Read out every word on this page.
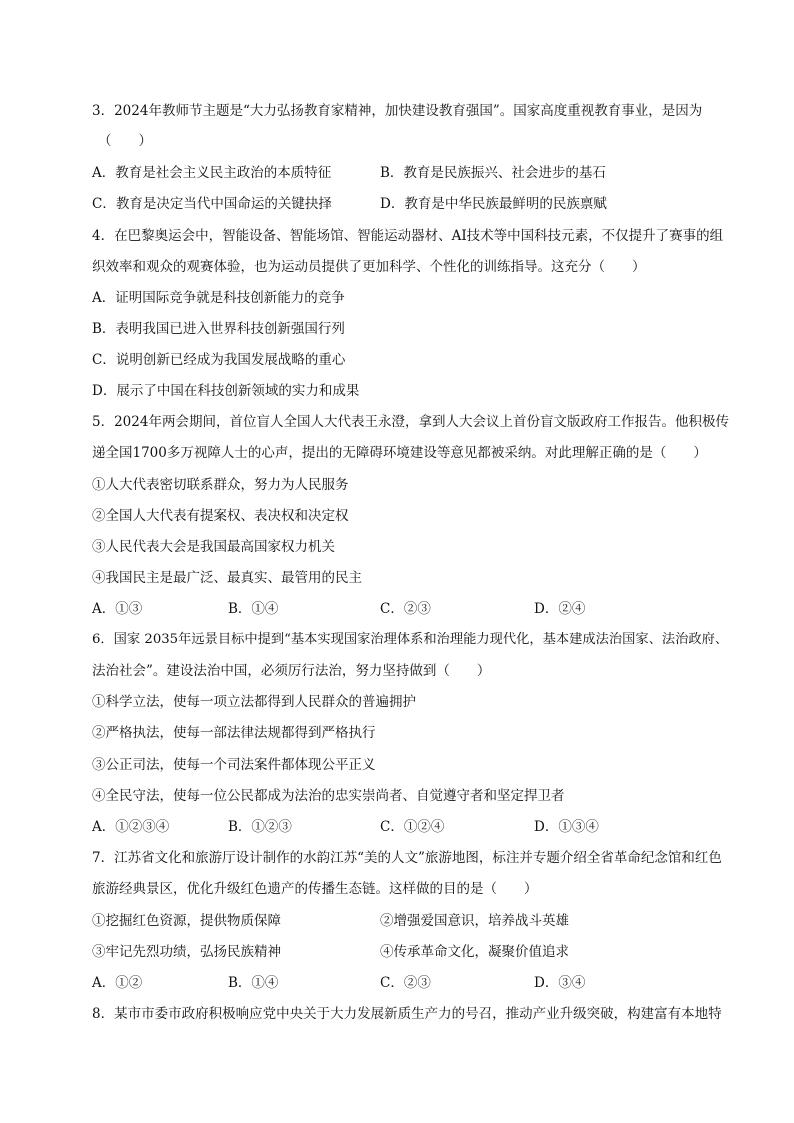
3．2024年教师节主题是“大力弘扬教育家精神，加快建设教育强国”。国家高度重视教育事业，是因为
（　　）
A．教育是社会主义民主政治的本质特征	B．教育是民族振兴、社会进步的基石
C．教育是决定当代中国命运的关键抉择	D．教育是中华民族最鲜明的民族禀赋
4．在巴黎奥运会中，智能设备、智能场馆、智能运动器材、AI技术等中国科技元素，不仅提升了赛事的组
织效率和观众的观赛体验，也为运动员提供了更加科学、个性化的训练指导。这充分（　　）
A．证明国际竞争就是科技创新能力的竞争
B．表明我国已进入世界科技创新强国行列
C．说明创新已经成为我国发展战略的重心
D．展示了中国在科技创新领域的实力和成果
5．2024年两会期间，首位盲人全国人大代表王永澄，拿到人大会议上首份盲文版政府工作报告。他积极传
递全国1700多万视障人士的心声，提出的无障碍环境建设等意见都被采纳。对此理解正确的是（　　）
①人大代表密切联系群众，努力为人民服务
②全国人大代表有提案权、表决权和决定权
③人民代表大会是我国最高国家权力机关
④我国民主是最广泛、最真实、最管用的民主
A．①③	B．①④	C．②③	D．②④
6．国家 2035年远景目标中提到“基本实现国家治理体系和治理能力现代化，基本建成法治国家、法治政府、
法治社会”。建设法治中国，必须厉行法治，努力坚持做到（　　）
①科学立法，使每一项立法都得到人民群众的普遍拥护
②严格执法，使每一部法律法规都得到严格执行
③公正司法，使每一个司法案件都体现公平正义
④全民守法，使每一位公民都成为法治的忠实崇尚者、自觉遵守者和坚定捍卫者
A．①②③④	B．①②③	C．①②④	D．①③④
7．江苏省文化和旅游厅设计制作的水韵江苏“美的人文”旅游地图，标注并专题介绍全省革命纪念馆和红色
旅游经典景区，优化升级红色遗产的传播生态链。这样做的目的是（　　）
①挖掘红色资源，提供物质保障	②增强爱国意识，培养战斗英雄
③牢记先烈功绩，弘扬民族精神	④传承革命文化，凝聚价值追求
A．①②	B．①④	C．②③	D．③④
8．某市市委市政府积极响应党中央关于大力发展新质生产力的号召，推动产业升级突破，构建富有本地特
